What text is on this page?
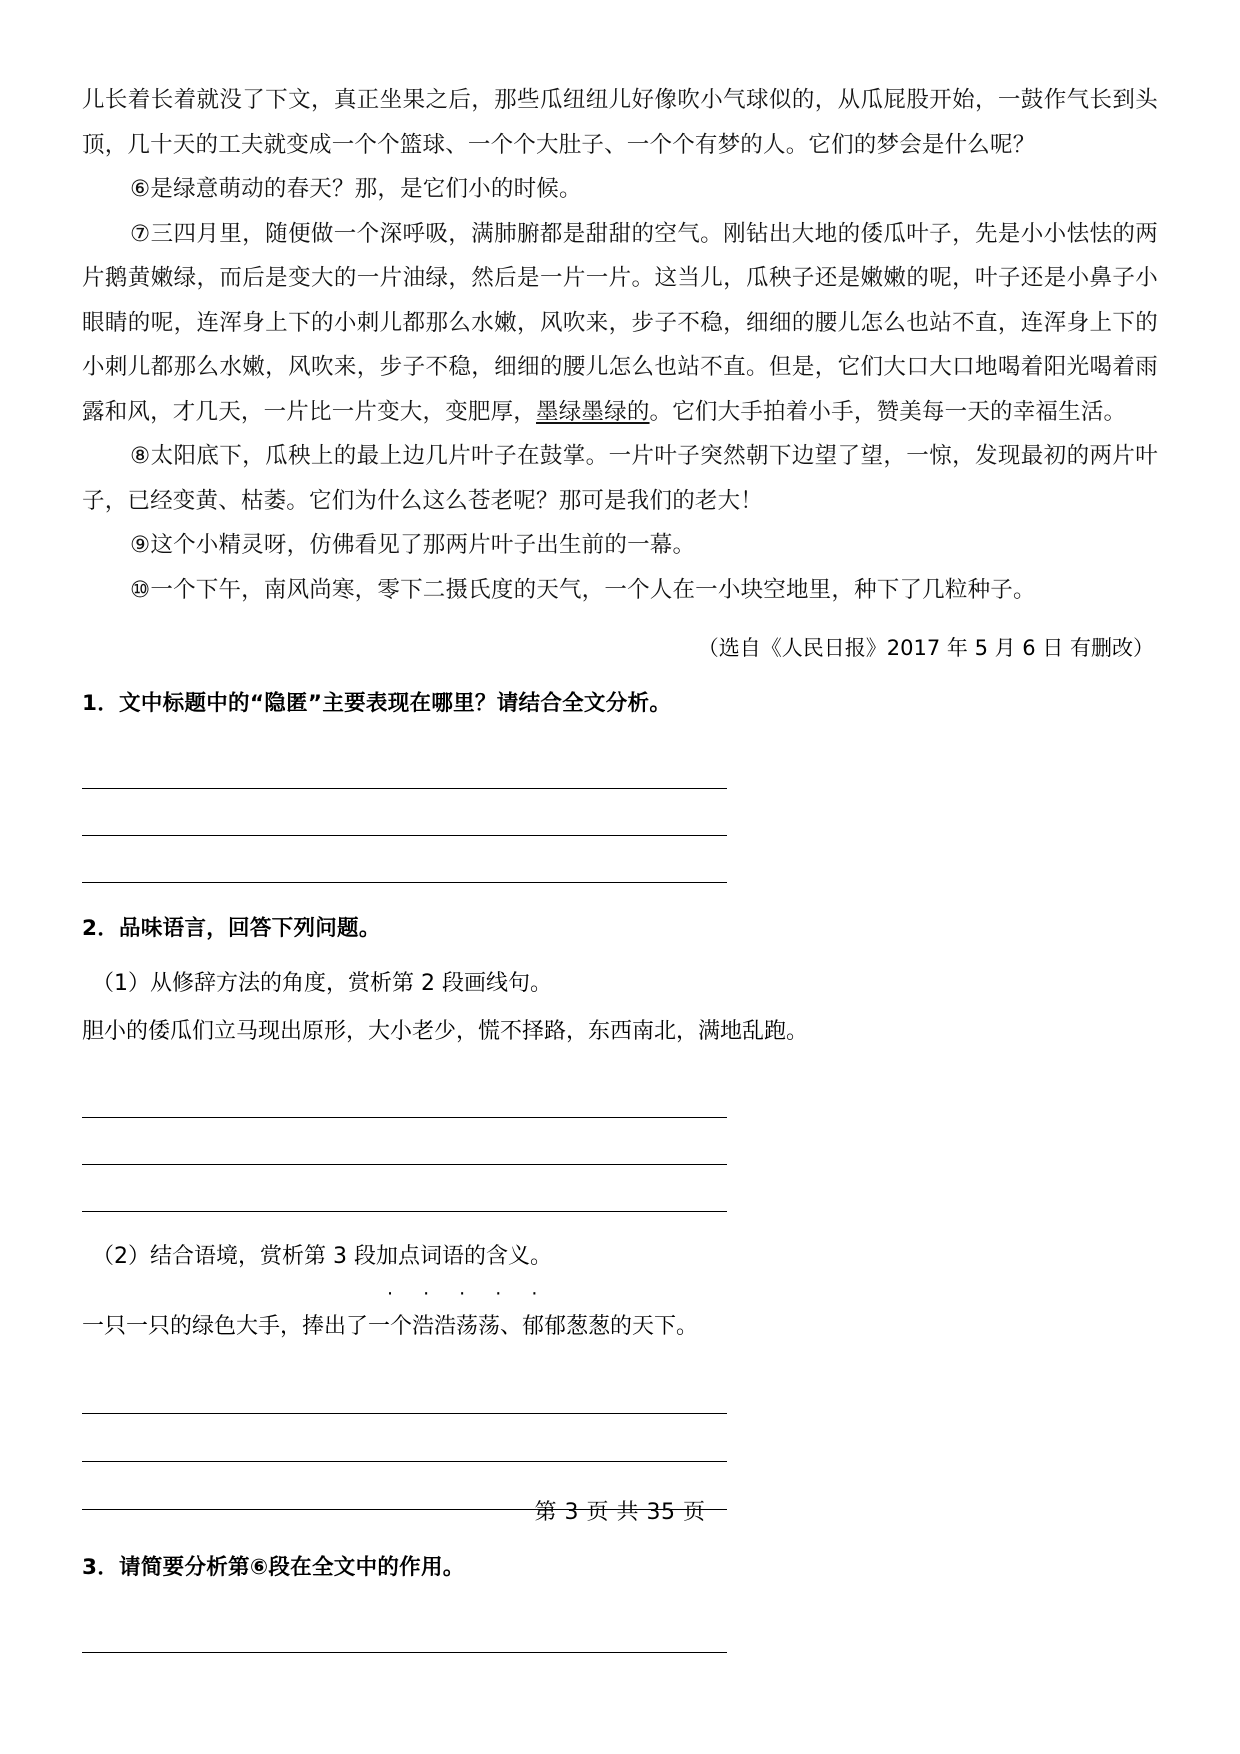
儿长着长着就没了下文，真正坐果之后，那些瓜纽纽儿好像吹小气球似的，从瓜屁股开始，一鼓作气长到头顶，几十天的工夫就变成一个个篮球、一个个大肚子、一个个有梦的人。它们的梦会是什么呢？

⑥是绿意萌动的春天？那，是它们小的时候。

⑦三四月里，随便做一个深呼吸，满肺腑都是甜甜的空气。刚钻出大地的倭瓜叶子，先是小小怯怯的两片鹅黄嫩绿，而后是变大的一片油绿，然后是一片一片。这当儿，瓜秧子还是嫩嫩的呢，叶子还是小鼻子小眼睛的呢，连浑身上下的小刺儿都那么水嫩，风吹来，步子不稳，细细的腰儿怎么也站不直，连浑身上下的小刺儿都那么水嫩，风吹来，步子不稳，细细的腰儿怎么也站不直。但是，它们大口大口地喝着阳光喝着雨露和风，才几天，一片比一片变大，变肥厚，墨绿墨绿的。它们大手拍着小手，赞美每一天的幸福生活。

⑧太阳底下，瓜秧上的最上边几片叶子在鼓掌。一片叶子突然朝下边望了望，一惊，发现最初的两片叶子，已经变黄、枯萎。它们为什么这么苍老呢？那可是我们的老大！

⑨这个小精灵呀，仿佛看见了那两片叶子出生前的一幕。

⑩一个下午，南风尚寒，零下二摄氏度的天气，一个人在一小块空地里，种下了几粒种子。

（选自《人民日报》2017 年 5 月 6 日 有删改）

1．文中标题中的“隐匿”主要表现在哪里？请结合全文分析。

2．品味语言，回答下列问题。

（1）从修辞方法的角度，赏析第 2 段画线句。

胆小的倭瓜们立马现出原形，大小老少，慌不择路，东西南北，满地乱跑。

（2）结合语境，赏析第 3 段加点词语的含义。

· · · · ·

一只一只的绿色大手，捧出了一个浩浩荡荡、郁郁葱葱的天下。

3．请简要分析第⑥段在全文中的作用。

第 3 页 共 35 页
